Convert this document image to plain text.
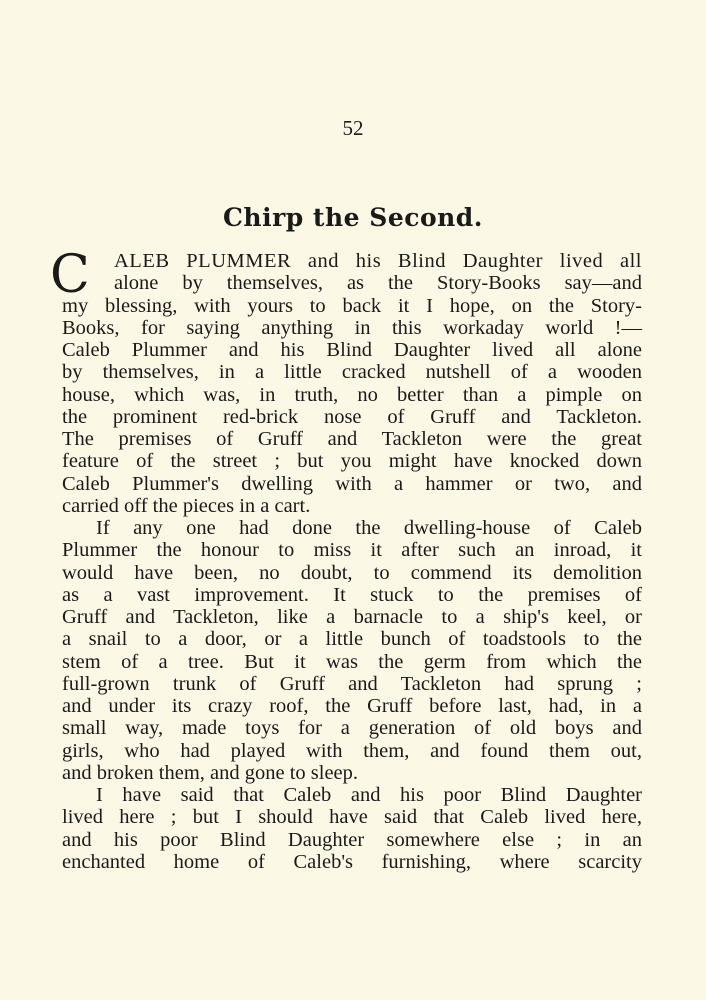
52
Chirp the Second.
C	ALEB PLUMMER and his Blind Daughter lived all
alone by themselves, as the Story-Books say—and
my blessing, with yours to back it I hope, on the Story-
Books, for saying anything in this workaday world !—
Caleb Plummer and his Blind Daughter lived all alone
by themselves, in a little cracked nutshell of a wooden
house, which was, in truth, no better than a pimple on
the prominent red-brick nose of Gruff and Tackleton.
The premises of Gruff and Tackleton were the great
feature of the street ; but you might have knocked down
Caleb Plummer's dwelling with a hammer or two, and
carried off the pieces in a cart.
If any one had done the dwelling-house of Caleb
Plummer the honour to miss it after such an inroad, it
would have been, no doubt, to commend its demolition
as a vast improvement. It stuck to the premises of
Gruff and Tackleton, like a barnacle to a ship's keel, or
a snail to a door, or a little bunch of toadstools to the
stem of a tree. But it was the germ from which the
full-grown trunk of Gruff and Tackleton had sprung ;
and under its crazy roof, the Gruff before last, had, in a
small way, made toys for a generation of old boys and
girls, who had played with them, and found them out,
and broken them, and gone to sleep.
I have said that Caleb and his poor Blind Daughter
lived here ; but I should have said that Caleb lived here,
and his poor Blind Daughter somewhere else ; in an
enchanted home of Caleb's furnishing, where scarcity
